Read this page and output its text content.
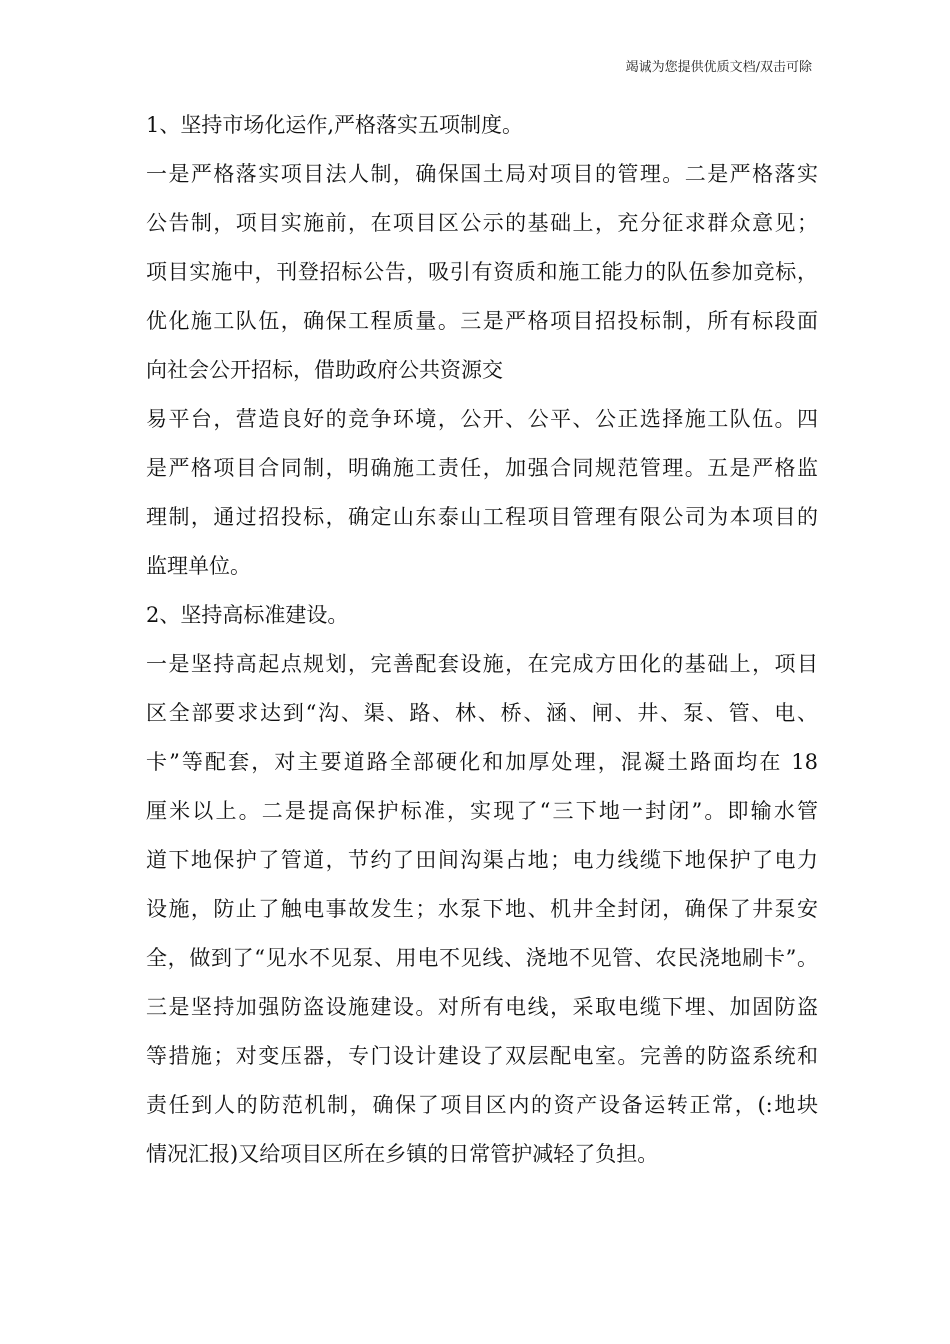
竭诚为您提供优质文档/双击可除
1、坚持市场化运作,严格落实五项制度。
一是严格落实项目法人制，确保国土局对项目的管理。二是严格落实
公告制，项目实施前，在项目区公示的基础上，充分征求群众意见；
项目实施中，刊登招标公告，吸引有资质和施工能力的队伍参加竞标，
优化施工队伍，确保工程质量。三是严格项目招投标制，所有标段面
向社会公开招标，借助政府公共资源交
易平台，营造良好的竞争环境，公开、公平、公正选择施工队伍。四
是严格项目合同制，明确施工责任，加强合同规范管理。五是严格监
理制，通过招投标，确定山东泰山工程项目管理有限公司为本项目的
监理单位。
2、坚持高标准建设。
一是坚持高起点规划，完善配套设施，在完成方田化的基础上，项目
区全部要求达到“沟、渠、路、林、桥、涵、闸、井、泵、管、电、
卡”等配套，对主要道路全部硬化和加厚处理，混凝土路面均在 18
厘米以上。二是提高保护标准，实现了“三下地一封闭”。即输水管
道下地保护了管道，节约了田间沟渠占地；电力线缆下地保护了电力
设施，防止了触电事故发生；水泵下地、机井全封闭，确保了井泵安
全，做到了“见水不见泵、用电不见线、浇地不见管、农民浇地刷卡”。
三是坚持加强防盗设施建设。对所有电线，采取电缆下埋、加固防盗
等措施；对变压器，专门设计建设了双层配电室。完善的防盗系统和
责任到人的防范机制，确保了项目区内的资产设备运转正常，(:地块
情况汇报)又给项目区所在乡镇的日常管护减轻了负担。
